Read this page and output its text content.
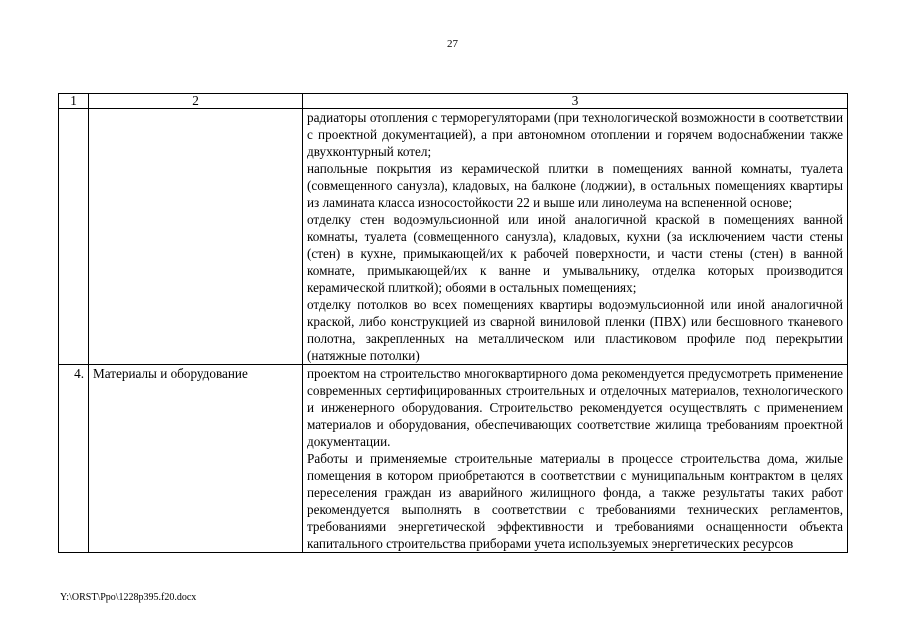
27
1	2	3

		радиаторы отопления с терморегуляторами (при технологической возможности в соответствии с проектной документацией), а при автономном отоплении и горячем водоснабжении также двухконтурный котел;
напольные покрытия из керамической плитки в помещениях ванной комнаты, туалета (совмещенного санузла), кладовых, на балконе (лоджии), в остальных помещениях квартиры из ламината класса износостойкости 22 и выше или линолеума на вспененной основе;
отделку стен водоэмульсионной или иной аналогичной краской в помещениях ванной комнаты, туалета (совмещенного санузла), кладовых, кухни (за исключением части стены (стен) в кухне, примыкающей/их к рабочей поверхности, и части стены (стен) в ванной комнате, примыкающей/их к ванне и умывальнику, отделка которых производится керамической плиткой); обоями в остальных помещениях;
отделку потолков во всех помещениях квартиры водоэмульсионной или иной аналогичной краской, либо конструкцией из сварной виниловой пленки (ПВХ) или бесшовного тканевого полотна, закрепленных на металлическом или пластиковом профиле под перекрытии (натяжные потолки)

4.	Материалы и оборудование	проектом на строительство многоквартирного дома рекомендуется предусмотреть применение современных сертифицированных строительных и отделочных материалов, технологического и инженерного оборудования. Строительство рекомендуется осуществлять с применением материалов и оборудования, обеспечивающих соответствие жилища требованиям проектной документации.
Работы и применяемые строительные материалы в процессе строительства дома, жилые помещения в котором приобретаются в соответствии с муниципальным контрактом в целях переселения граждан из аварийного жилищного фонда, а также результаты таких работ рекомендуется выполнять в соответствии с требованиями технических регламентов, требованиями энергетической эффективности и требованиями оснащенности объекта капитального строительства приборами учета используемых энергетических ресурсов
Y:\ORST\Ppo\1228p395.f20.docx
